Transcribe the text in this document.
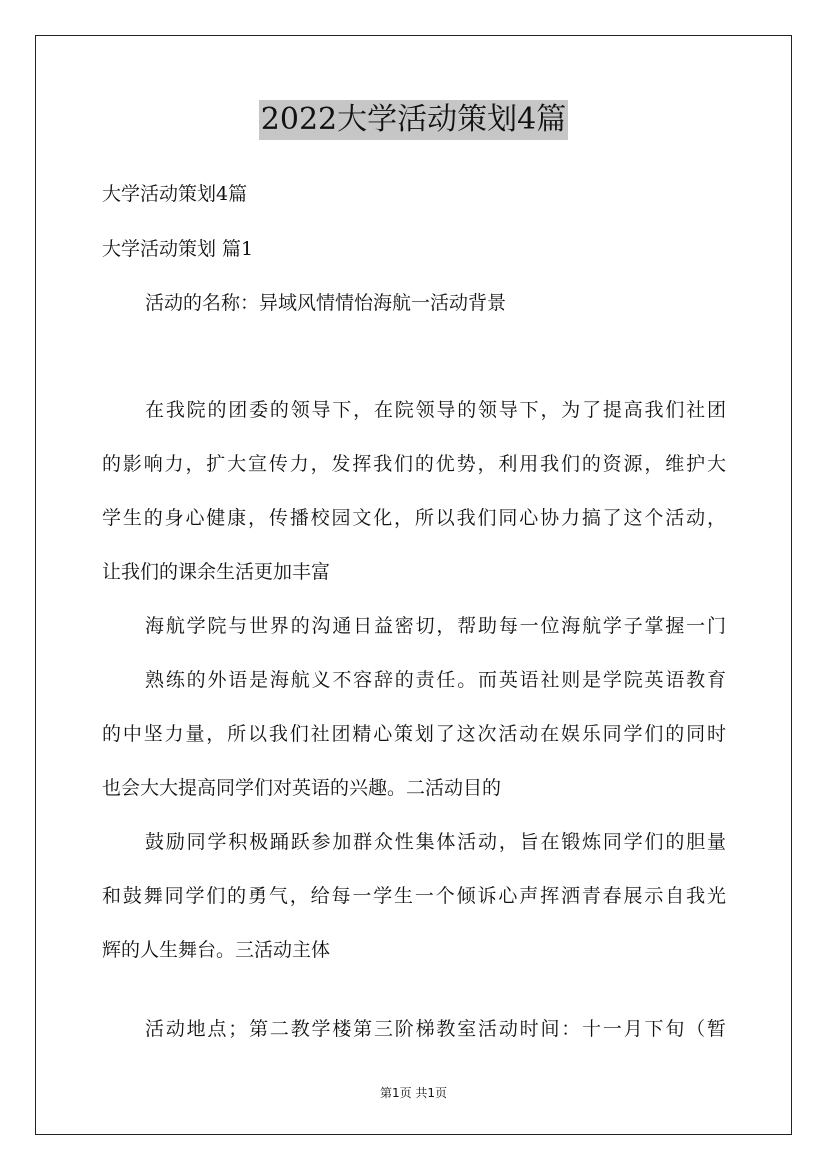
2022大学活动策划4篇
大学活动策划4篇
大学活动策划 篇1
活动的名称：异域风情情怡海航一活动背景
在我院的团委的领导下，在院领导的领导下，为了提高我们社团
的影响力，扩大宣传力，发挥我们的优势，利用我们的资源，维护大
学生的身心健康，传播校园文化，所以我们同心协力搞了这个活动，
让我们的课余生活更加丰富
海航学院与世界的沟通日益密切，帮助每一位海航学子掌握一门
熟练的外语是海航义不容辞的责任。而英语社则是学院英语教育
的中坚力量，所以我们社团精心策划了这次活动在娱乐同学们的同时
也会大大提高同学们对英语的兴趣。二活动目的
鼓励同学积极踊跃参加群众性集体活动，旨在锻炼同学们的胆量
和鼓舞同学们的勇气，给每一学生一个倾诉心声挥洒青春展示自我光
辉的人生舞台。三活动主体
活动地点；第二教学楼第三阶梯教室活动时间：十一月下旬（暂
第1页 共1页
